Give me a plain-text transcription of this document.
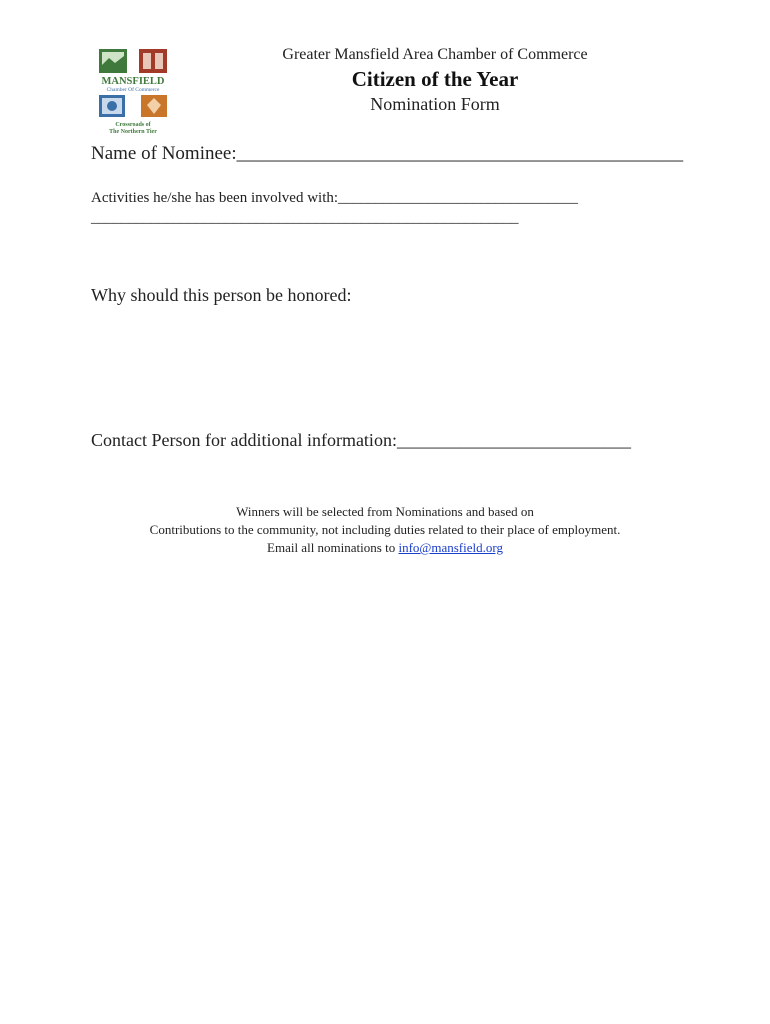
MANSFIELD
Chamber Of Commerce
Crossroads of
The Northern Tier
Greater Mansfield Area Chamber of Commerce
Citizen of the Year
Nomination Form
Name of Nominee:_______________________________________________
Activities he/she has been involved with:________________________________
_________________________________________________________
Why should this person be honored:
Contact Person for additional information:__________________________
Winners will be selected from Nominations and based on
Contributions to the community, not including duties related to their place of employment.
Email all nominations to info@mansfield.org
